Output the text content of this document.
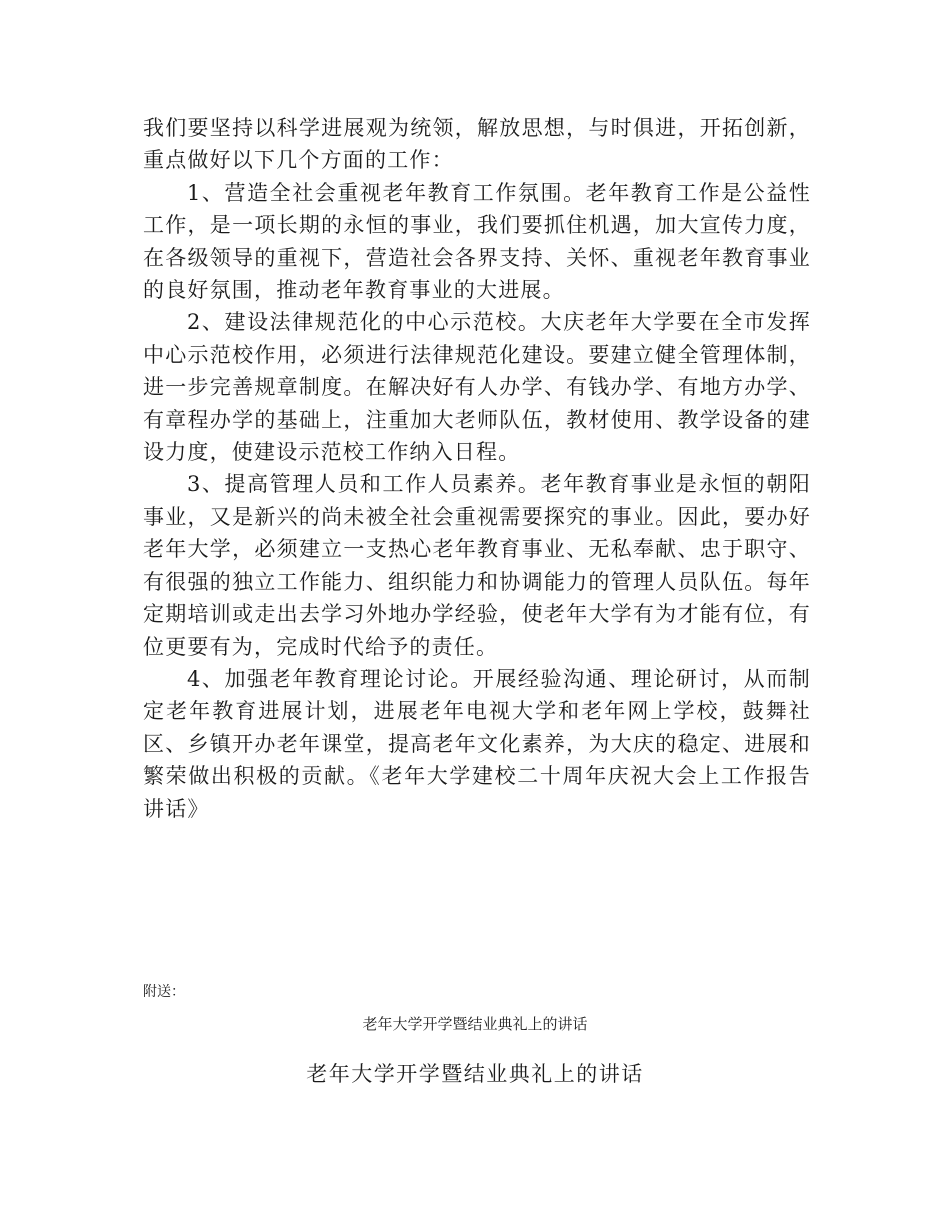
我们要坚持以科学进展观为统领，解放思想，与时俱进，开拓创新，重点做好以下几个方面的工作：

1、营造全社会重视老年教育工作氛围。老年教育工作是公益性工作，是一项长期的永恒的事业，我们要抓住机遇，加大宣传力度，在各级领导的重视下，营造社会各界支持、关怀、重视老年教育事业的良好氛围，推动老年教育事业的大进展。

2、建设法律规范化的中心示范校。大庆老年大学要在全市发挥中心示范校作用，必须进行法律规范化建设。要建立健全管理体制，进一步完善规章制度。在解决好有人办学、有钱办学、有地方办学、有章程办学的基础上，注重加大老师队伍，教材使用、教学设备的建设力度，使建设示范校工作纳入日程。

3、提高管理人员和工作人员素养。老年教育事业是永恒的朝阳事业，又是新兴的尚未被全社会重视需要探究的事业。因此，要办好老年大学，必须建立一支热心老年教育事业、无私奉献、忠于职守、有很强的独立工作能力、组织能力和协调能力的管理人员队伍。每年定期培训或走出去学习外地办学经验，使老年大学有为才能有位，有位更要有为，完成时代给予的责任。

4、加强老年教育理论讨论。开展经验沟通、理论研讨，从而制定老年教育进展计划，进展老年电视大学和老年网上学校，鼓舞社区、乡镇开办老年课堂，提高老年文化素养，为大庆的稳定、进展和繁荣做出积极的贡献。《老年大学建校二十周年庆祝大会上工作报告讲话》

附送：
老年大学开学暨结业典礼上的讲话
老年大学开学暨结业典礼上的讲话
